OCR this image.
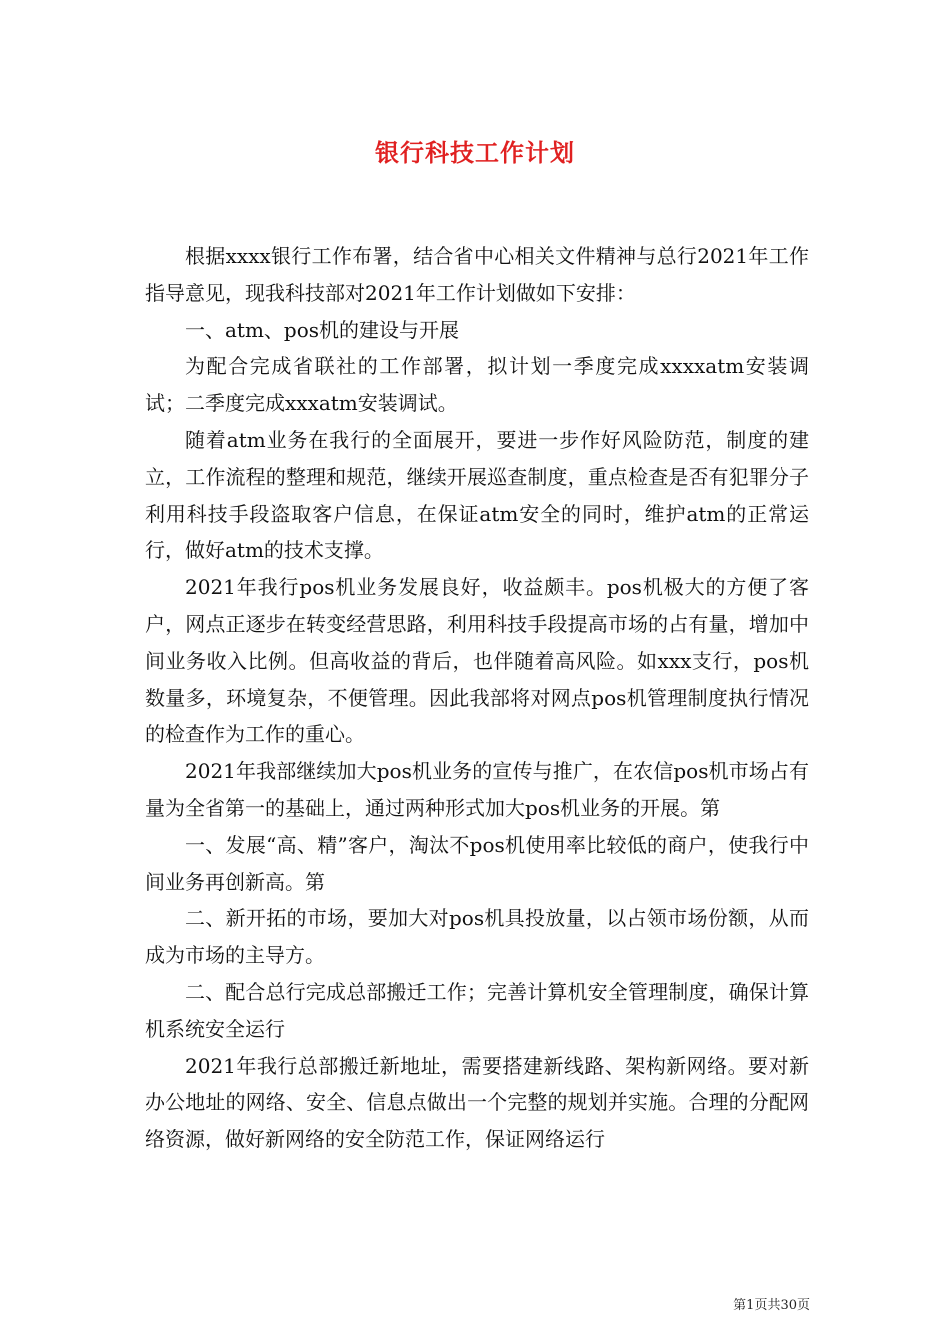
银行科技工作计划

根据xxxx银行工作布署，结合省中心相关文件精神与总行2021年工作指导意见，现我科技部对2021年工作计划做如下安排：

一、atm、pos机的建设与开展

为配合完成省联社的工作部署，拟计划一季度完成xxxxatm安装调试；二季度完成xxxatm安装调试。

随着atm业务在我行的全面展开，要进一步作好风险防范，制度的建立，工作流程的整理和规范，继续开展巡查制度，重点检查是否有犯罪分子利用科技手段盗取客户信息，在保证atm安全的同时，维护atm的正常运行，做好atm的技术支撑。

2021年我行pos机业务发展良好，收益颇丰。pos机极大的方便了客户，网点正逐步在转变经营思路，利用科技手段提高市场的占有量，增加中间业务收入比例。但高收益的背后，也伴随着高风险。如xxx支行，pos机数量多，环境复杂，不便管理。因此我部将对网点pos机管理制度执行情况的检查作为工作的重心。

2021年我部继续加大pos机业务的宣传与推广，在农信pos机市场占有量为全省第一的基础上，通过两种形式加大pos机业务的开展。第

一、发展“高、精”客户，淘汰不pos机使用率比较低的商户，使我行中间业务再创新高。第

二、新开拓的市场，要加大对pos机具投放量，以占领市场份额，从而成为市场的主导方。

二、配合总行完成总部搬迁工作；完善计算机安全管理制度，确保计算机系统安全运行

2021年我行总部搬迁新地址，需要搭建新线路、架构新网络。要对新办公地址的网络、安全、信息点做出一个完整的规划并实施。合理的分配网络资源，做好新网络的安全防范工作，保证网络运行

第1页共30页
